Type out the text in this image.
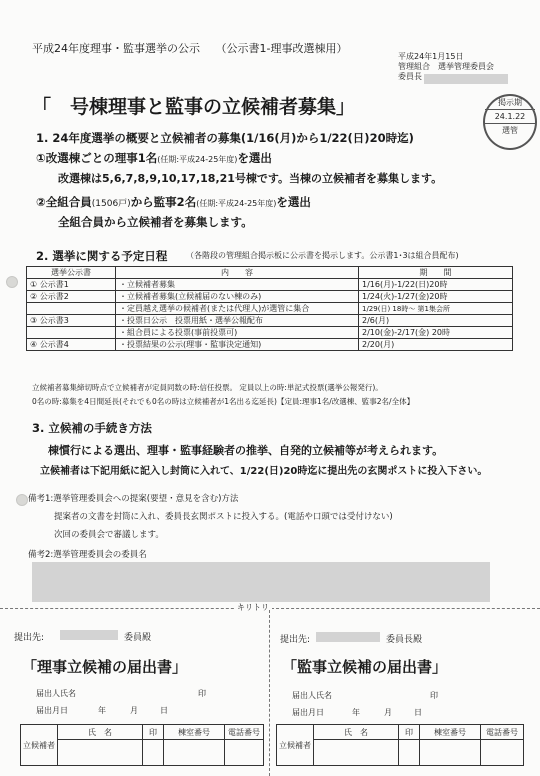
平成24年度理事・監事選挙の公示 （公示書1-理事改選棟用）
平成24年1月15日
管理組合　選挙管理委員会
委員長
掲示期
24.1.22
選管
「　号棟理事と監事の立候補者募集」
1. 24年度選挙の概要と立候補者の募集(1/16(月)から1/22(日)20時迄)
①改選棟ごとの理事1名(任期:平成24-25年度)を選出
改選棟は5,6,7,8,9,10,17,18,21号棟です。当棟の立候補者を募集します。
②全組合員(1506戸)から監事2名(任期:平成24-25年度)を選出
全組合員から立候補者を募集します。
2. 選挙に関する予定日程 （各階段の管理組合掲示板に公示書を掲示します。公示書1･3は組合員配布)
選挙公示書	内　　容	期　　間
① 公示書1	・立候補者募集	1/16(月)-1/22(日)20時
② 公示書2	・立候補者募集(立候補届のない棟のみ)	1/24(火)-1/27(金)20時
	・定員越え選挙の候補者(または代理人)が選管に集合	1/29(日) 18時～ 第1集会所
③ 公示書3	・投票日公示　投票用紙・選挙公報配布	2/6(月)
	・組合員による投票(事前投票可)	2/10(金)-2/17(金) 20時
④ 公示書4	・投票結果の公示(理事・監事決定通知)	2/20(月)
立候補者募集締切時点で立候補者が定員同数の時:信任投票。 定員以上の時:単記式投票(選挙公報発行)。
0名の時:募集を4日間延長(それでも0名の時は立候補者が1名出る迄延長)【定員:理事1名/改選棟、監事2名/全体】
3. 立候補の手続き方法
棟慣行による選出、理事・監事経験者の推挙、自発的立候補等が考えられます。
立候補者は下記用紙に記入し封筒に入れて、1/22(日)20時迄に提出先の玄関ポストに投入下さい。
備考1:選挙管理委員会への提案(要望・意見を含む)方法
提案者の文書を封筒に入れ、委員長玄関ポストに投入する。(電話や口頭では受付けない)
次回の委員会で審議します。
備考2:選挙管理委員会の委員名
キリトリ
提出先:	委員殿
「理事立候補の届出書」
届出人氏名	印
届出月日	年	月	日
立候補者	氏　名	印	棟室番号	電話番号

提出先:	委員長殿
「監事立候補の届出書」
届出人氏名	印
届出月日	年	月	日
立候補者	氏　名	印	棟室番号	電話番号
